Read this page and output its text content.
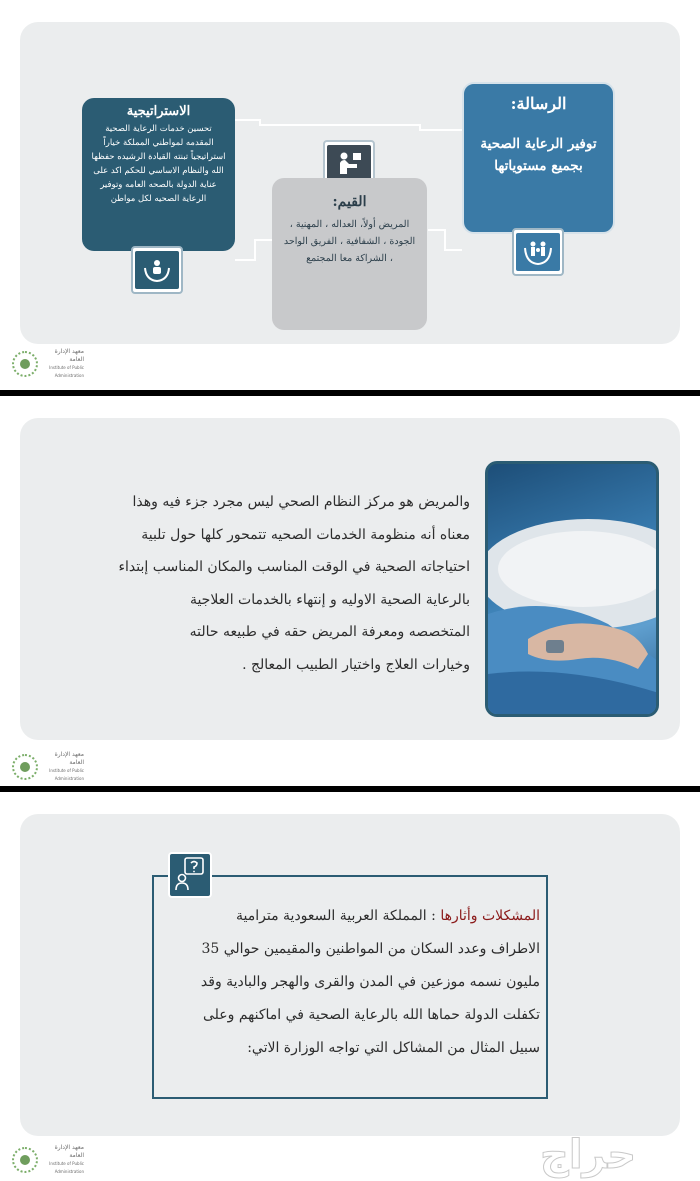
الاستراتيجية
تحسين خدمات الرعاية الصحية المقدمه لمواطني المملكة خياراً استراتيجياً تبنته القيادة الرشيده حفظها الله والنظام الاساسي للحكم اكد على عناية الدولة بالصحه العامه وتوفير الرعاية الصحيه لكل مواطن	القيم:
المريض أولاً، العداله ، المهنية ، الجودة ، الشفافية ، الفريق الواحد ، الشراكة معا المجتمع
الرسالة:
توفير الرعاية الصحية بجميع مستوياتها
معهد الإدارة العامة
Institute of Public Administration
والمريض هو مركز النظام الصحي ليس مجرد جزء فيه وهذا
معناه أنه منظومة الخدمات الصحيه تتمحور كلها حول تلبية
احتياجاته الصحية في الوقت المناسب والمكان المناسب إبتداء
بالرعاية الصحية الاوليه و إنتهاء بالخدمات العلاجية
المتخصصه ومعرفة المريض حقه في طبيعه حالته
وخيارات العلاج واختيار الطبيب المعالج .
معهد الإدارة العامة
Institute of Public Administration
المشكلات وأثارها : المملكة العربية السعودية مترامية
الاطراف وعدد السكان من المواطنين والمقيمين حوالي 35
مليون نسمه موزعين في المدن والقرى والهجر والبادية وقد
تكفلت الدولة حماها الله بالرعاية الصحية في اماكنهم وعلى
سبيل المثال من المشاكل التي تواجه الوزارة الاتي:
معهد الإدارة العامة
Institute of Public Administration	حراج
